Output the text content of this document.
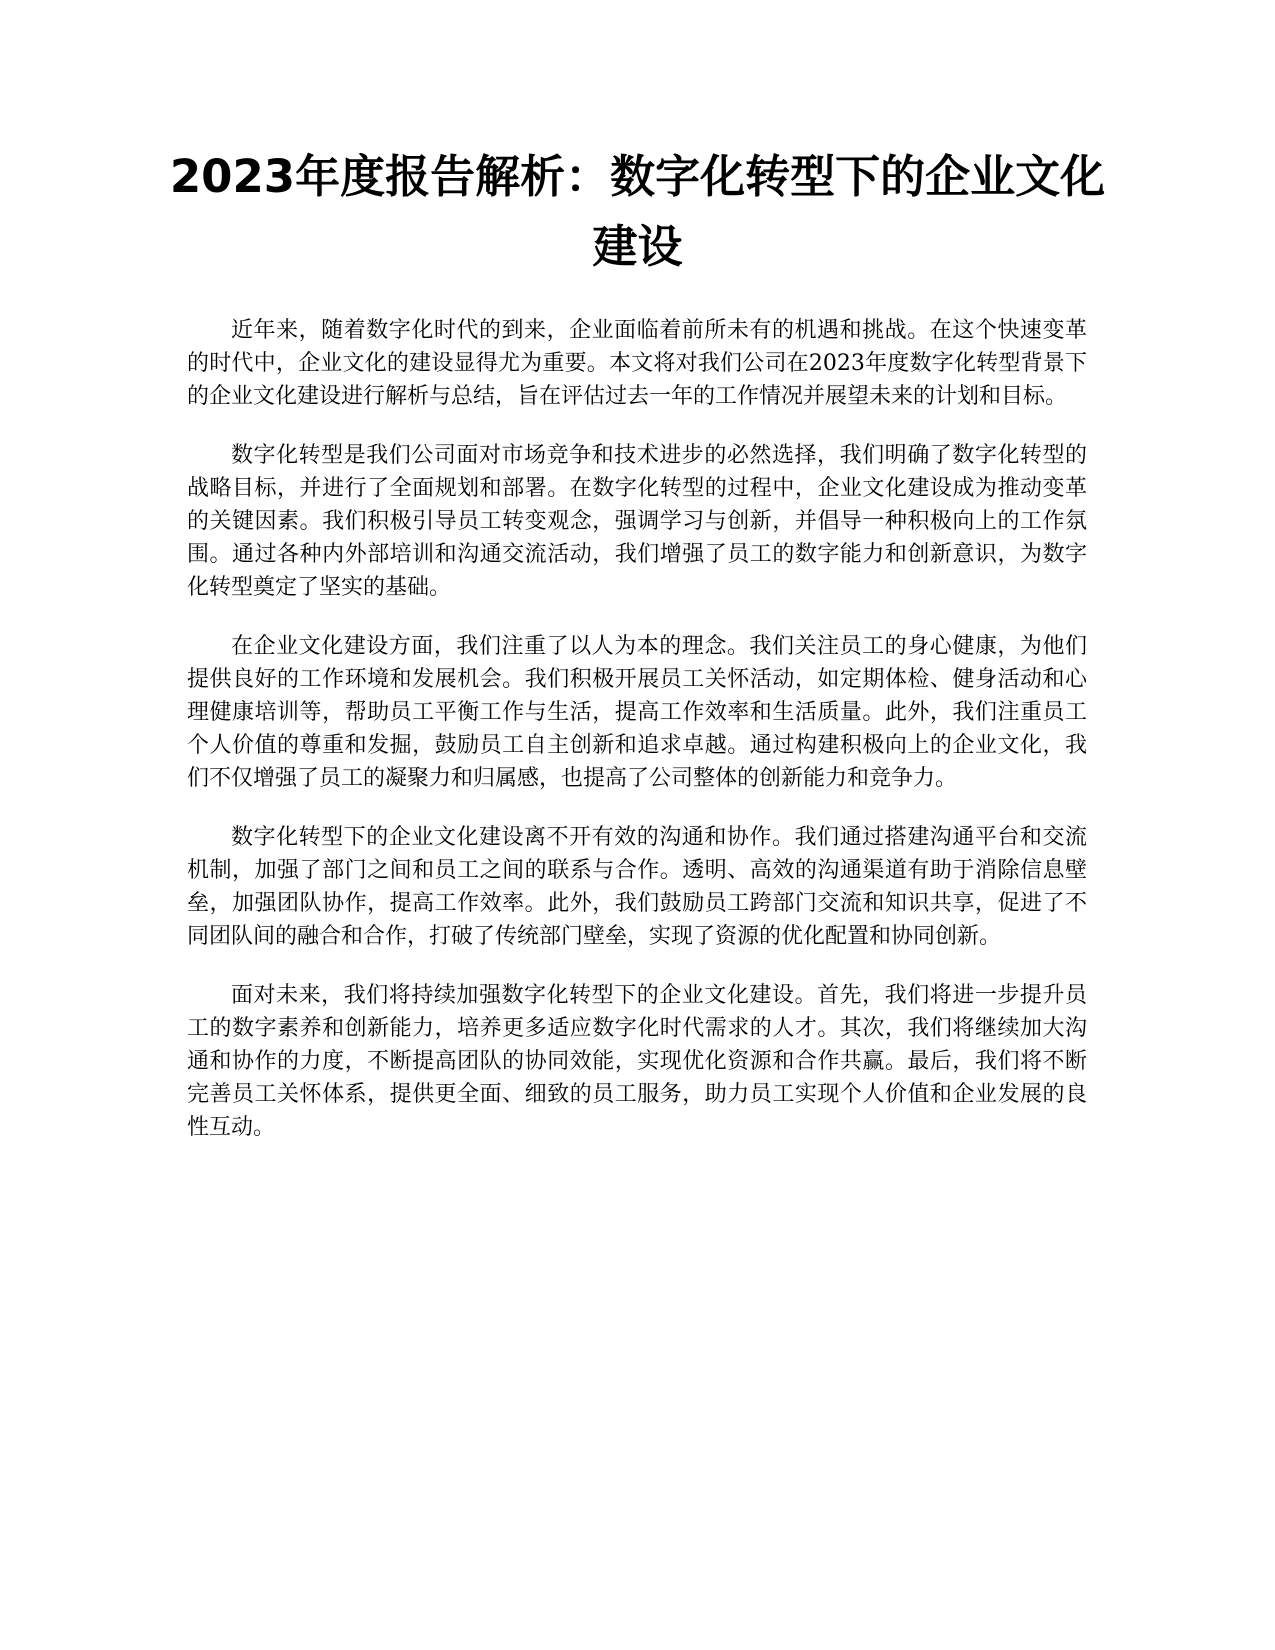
2023年度报告解析：数字化转型下的企业文化建设

近年来，随着数字化时代的到来，企业面临着前所未有的机遇和挑战。在这个快速变革的时代中，企业文化的建设显得尤为重要。本文将对我们公司在2023年度数字化转型背景下的企业文化建设进行解析与总结，旨在评估过去一年的工作情况并展望未来的计划和目标。

数字化转型是我们公司面对市场竞争和技术进步的必然选择，我们明确了数字化转型的战略目标，并进行了全面规划和部署。在数字化转型的过程中，企业文化建设成为推动变革的关键因素。我们积极引导员工转变观念，强调学习与创新，并倡导一种积极向上的工作氛围。通过各种内外部培训和沟通交流活动，我们增强了员工的数字能力和创新意识，为数字化转型奠定了坚实的基础。

在企业文化建设方面，我们注重了以人为本的理念。我们关注员工的身心健康，为他们提供良好的工作环境和发展机会。我们积极开展员工关怀活动，如定期体检、健身活动和心理健康培训等，帮助员工平衡工作与生活，提高工作效率和生活质量。此外，我们注重员工个人价值的尊重和发掘，鼓励员工自主创新和追求卓越。通过构建积极向上的企业文化，我们不仅增强了员工的凝聚力和归属感，也提高了公司整体的创新能力和竞争力。

数字化转型下的企业文化建设离不开有效的沟通和协作。我们通过搭建沟通平台和交流机制，加强了部门之间和员工之间的联系与合作。透明、高效的沟通渠道有助于消除信息壁垒，加强团队协作，提高工作效率。此外，我们鼓励员工跨部门交流和知识共享，促进了不同团队间的融合和合作，打破了传统部门壁垒，实现了资源的优化配置和协同创新。

面对未来，我们将持续加强数字化转型下的企业文化建设。首先，我们将进一步提升员工的数字素养和创新能力，培养更多适应数字化时代需求的人才。其次，我们将继续加大沟通和协作的力度，不断提高团队的协同效能，实现优化资源和合作共赢。最后，我们将不断完善员工关怀体系，提供更全面、细致的员工服务，助力员工实现个人价值和企业发展的良性互动。
